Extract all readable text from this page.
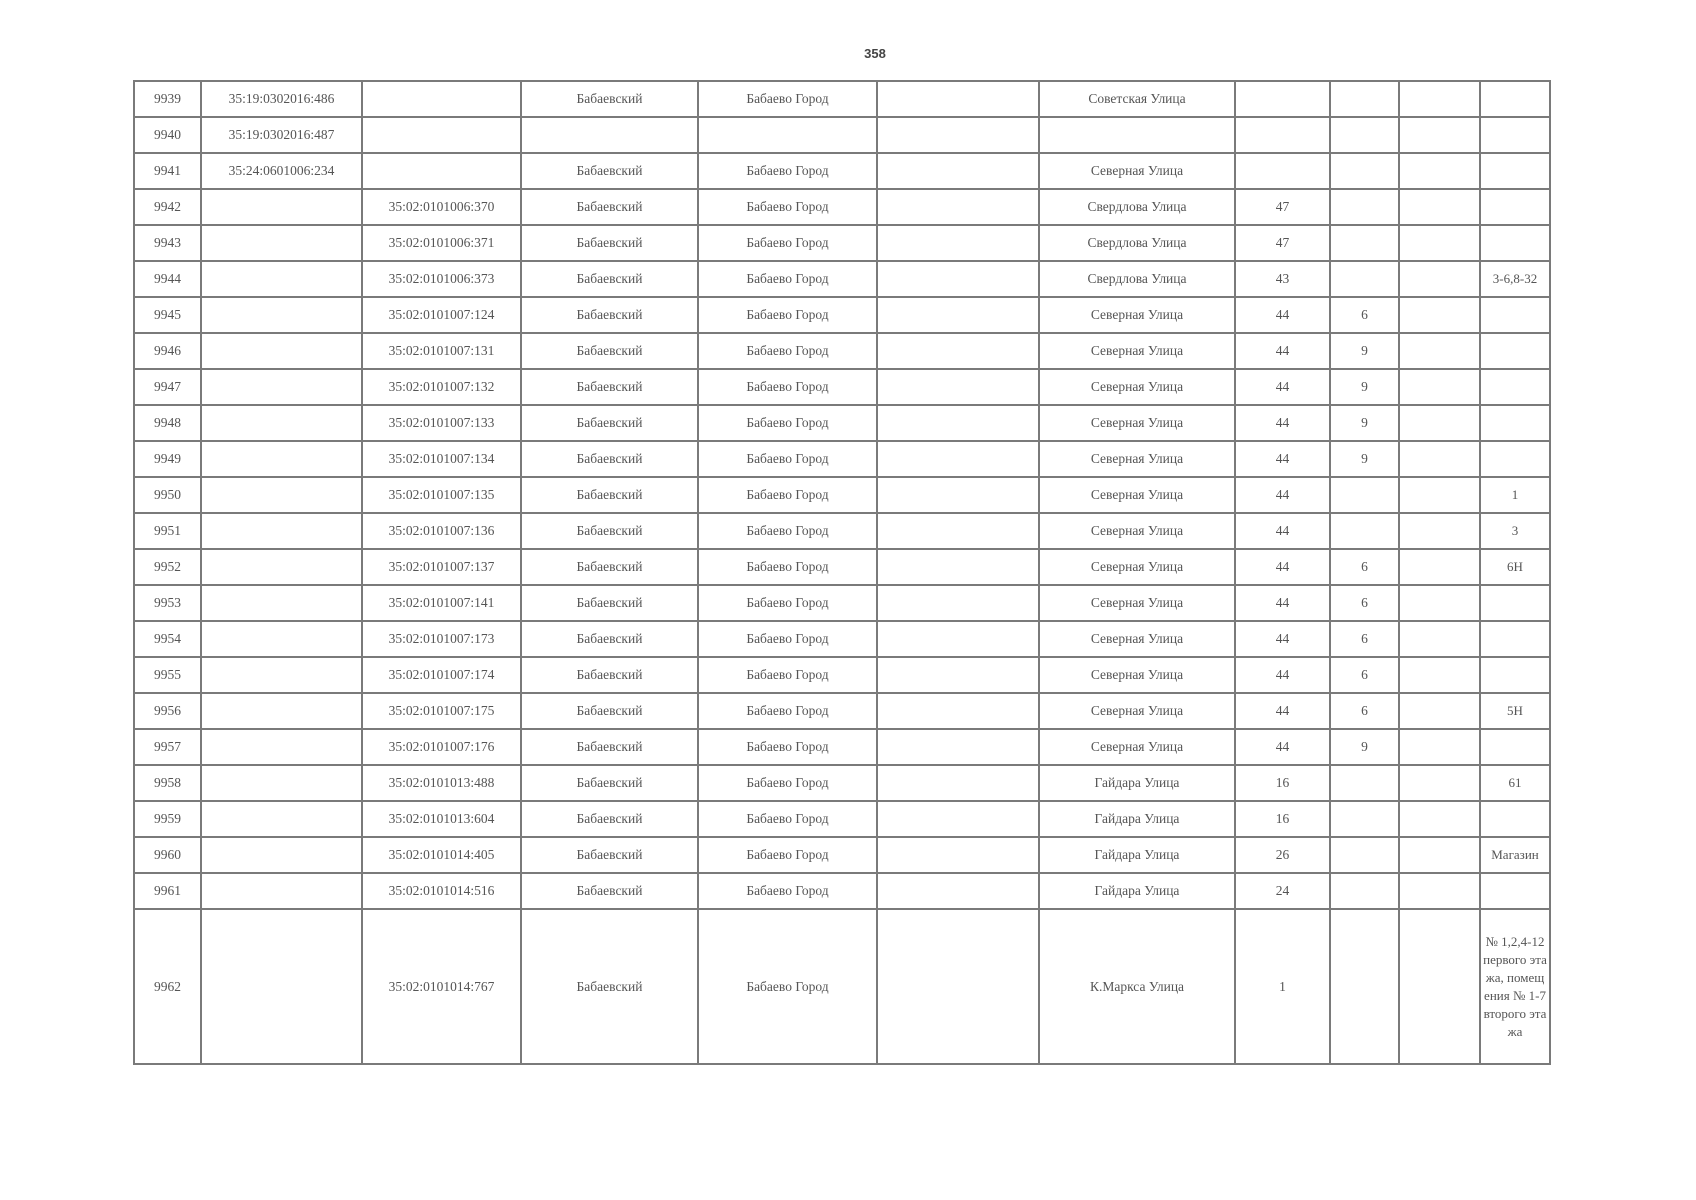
358
9939	35:19:0302016:486		Бабаевский	Бабаево Город		Советская Улица				
9940	35:19:0302016:487									
9941	35:24:0601006:234		Бабаевский	Бабаево Город		Северная Улица				
9942		35:02:0101006:370	Бабаевский	Бабаево Город		Свердлова Улица	47			
9943		35:02:0101006:371	Бабаевский	Бабаево Город		Свердлова Улица	47			
9944		35:02:0101006:373	Бабаевский	Бабаево Город		Свердлова Улица	43			3-6,8-32
9945		35:02:0101007:124	Бабаевский	Бабаево Город		Северная Улица	44	6		
9946		35:02:0101007:131	Бабаевский	Бабаево Город		Северная Улица	44	9		
9947		35:02:0101007:132	Бабаевский	Бабаево Город		Северная Улица	44	9		
9948		35:02:0101007:133	Бабаевский	Бабаево Город		Северная Улица	44	9		
9949		35:02:0101007:134	Бабаевский	Бабаево Город		Северная Улица	44	9		
9950		35:02:0101007:135	Бабаевский	Бабаево Город		Северная Улица	44			1
9951		35:02:0101007:136	Бабаевский	Бабаево Город		Северная Улица	44			3
9952		35:02:0101007:137	Бабаевский	Бабаево Город		Северная Улица	44	6		6Н
9953		35:02:0101007:141	Бабаевский	Бабаево Город		Северная Улица	44	6		
9954		35:02:0101007:173	Бабаевский	Бабаево Город		Северная Улица	44	6		
9955		35:02:0101007:174	Бабаевский	Бабаево Город		Северная Улица	44	6		
9956		35:02:0101007:175	Бабаевский	Бабаево Город		Северная Улица	44	6		5Н
9957		35:02:0101007:176	Бабаевский	Бабаево Город		Северная Улица	44	9		
9958		35:02:0101013:488	Бабаевский	Бабаево Город		Гайдара Улица	16			61
9959		35:02:0101013:604	Бабаевский	Бабаево Город		Гайдара Улица	16			
9960		35:02:0101014:405	Бабаевский	Бабаево Город		Гайдара Улица	26			Магазин
9961		35:02:0101014:516	Бабаевский	Бабаево Город		Гайдара Улица	24			
9962		35:02:0101014:767	Бабаевский	Бабаево Город		К.Маркса Улица	1			№ 1,2,4-12 первого этажа, помещения № 1-7 второго этажа
